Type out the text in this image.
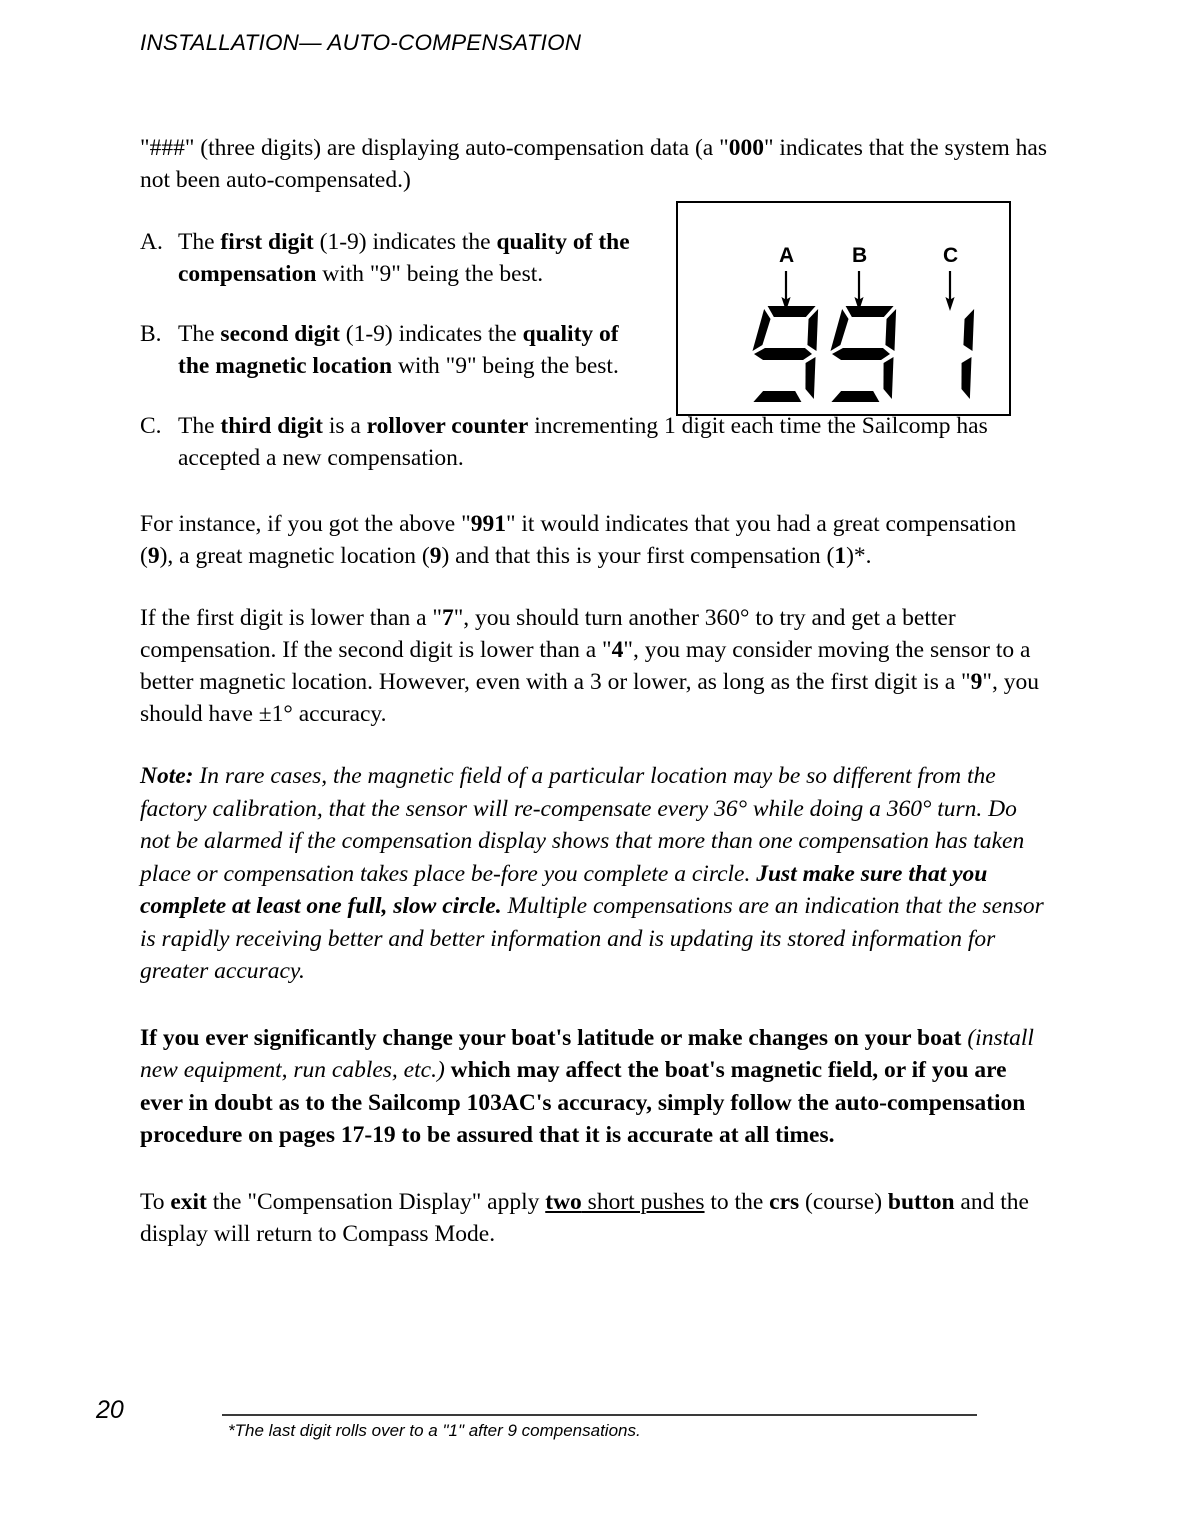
INSTALLATION— AUTO-COMPENSATION
A	B	C

"###" (three digits) are displaying auto-compensation data (a "000" indicates that the system has not been auto-compensated.)

A. The first digit (1-9) indicates the quality of the compensation with "9" being the best.
B. The second digit (1-9) indicates the quality of the magnetic location with "9" being the best.
C. The third digit is a rollover counter incrementing 1 digit each time the Sailcomp has accepted a new compensation.

For instance, if you got the above "991" it would indicates that you had a great compensation (9), a great magnetic location (9) and that this is your first compensation (1)*.

If the first digit is lower than a "7", you should turn another 360° to try and get a better compensation. If the second digit is lower than a "4", you may consider moving the sensor to a better magnetic location. However, even with a 3 or lower, as long as the first digit is a "9", you should have ±1° accuracy.

Note: In rare cases, the magnetic field of a particular location may be so different from the factory calibration, that the sensor will re-compensate every 36° while doing a 360° turn. Do not be alarmed if the compensation display shows that more than one compensation has taken place or compensation takes place be-fore you complete a circle. Just make sure that you complete at least one full, slow circle. Multiple compensations are an indication that the sensor is rapidly receiving better and better information and is updating its stored information for greater accuracy.

If you ever significantly change your boat's latitude or make changes on your boat (install new equipment, run cables, etc.) which may affect the boat's magnetic field, or if you are ever in doubt as to the Sailcomp 103AC's accuracy, simply follow the auto-compensation procedure on pages 17-19 to be assured that it is accurate at all times.

To exit the "Compensation Display" apply two short pushes to the crs (course) button and the display will return to Compass Mode.

20
*The last digit rolls over to a "1" after 9 compensations.
